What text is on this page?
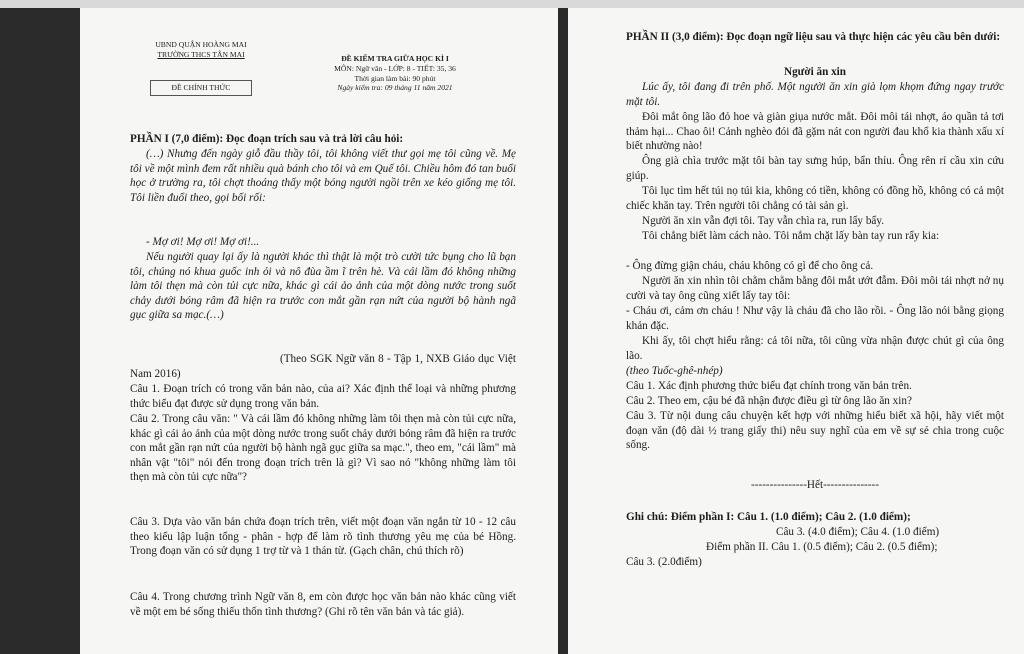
UBND QUẬN HOÀNG MAI
TRƯỜNG THCS TÂN MAI
ĐỀ CHÍNH THỨC
ĐỀ KIỂM TRA GIỮA HỌC KÌ I
MÔN: Ngữ văn - LỚP: 8 - TIẾT: 35, 36
Thời gian làm bài: 90 phút
Ngày kiểm tra: 09 tháng 11 năm 2021
PHẦN I (7,0 điểm): Đọc đoạn trích sau và trả lời câu hỏi:
(…) Nhưng đến ngày giỗ đầu thầy tôi, tôi không viết thư gọi mẹ tôi cũng về. Mẹ tôi về một mình đem rất nhiều quà bánh cho tôi và em Quế tôi. Chiều hôm đó tan buổi học ở trường ra, tôi chợt thoáng thấy một bóng người ngồi trên xe kéo giống mẹ tôi. Tôi liền đuổi theo, gọi bối rối:
- Mợ ơi! Mợ ơi! Mợ ơi!...
Nếu người quay lại ấy là người khác thì thật là một trò cười tức bụng cho lũ bạn tôi, chúng nó khua guốc inh ỏi và nô đùa ầm ĩ trên hè. Và cái lầm đó không những làm tôi thẹn mà còn tủi cực nữa, khác gì cái ảo ảnh của một dòng nước trong suốt chảy dưới bóng râm đã hiện ra trước con mắt gần rạn nứt của người bộ hành ngã gục giữa sa mạc.(…)
(Theo SGK Ngữ văn 8 - Tập 1, NXB Giáo dục Việt Nam 2016)
Câu 1. Đoạn trích có trong văn bản nào, của ai? Xác định thể loại và những phương thức biểu đạt được sử dụng trong văn bản.
Câu 2. Trong câu văn: " Và cái lầm đó không những làm tôi thẹn mà còn tủi cực nữa, khác gì cái ảo ảnh của một dòng nước trong suốt chảy dưới bóng râm đã hiện ra trước con mắt gần rạn nứt của người bộ hành ngã gục giữa sa mạc.", theo em, "cái lầm" mà nhân vật "tôi" nói đến trong đoạn trích trên là gì? Vì sao nó "không những làm tôi thẹn mà còn tủi cực nữa"?
Câu 3. Dựa vào văn bản chứa đoạn trích trên, viết một đoạn văn ngắn từ 10 - 12 câu theo kiểu lập luận tổng - phân - hợp để làm rõ tình thương yêu mẹ của bé Hồng. Trong đoạn văn có sử dụng 1 trợ từ và 1 thán từ. (Gạch chân, chú thích rõ)
Câu 4. Trong chương trình Ngữ văn 8, em còn được học văn bản nào khác cũng viết về một em bé sống thiếu thốn tình thương? (Ghi rõ tên văn bản và tác giả).
PHẦN II (3,0 điểm): Đọc đoạn ngữ liệu sau và thực hiện các yêu cầu bên dưới:
Người ăn xin
Lúc ấy, tôi đang đi trên phố. Một người ăn xin già lọm khọm đứng ngay trước mặt tôi.
Đôi mắt ông lão đỏ hoe và giàn giụa nước mắt. Đôi môi tái nhợt, áo quần tả tơi thảm hại... Chao ôi! Cảnh nghèo đói đã gặm nát con người đau khổ kia thành xấu xí biết nhường nào!
Ông già chìa trước mặt tôi bàn tay sưng húp, bẩn thỉu. Ông rên rỉ cầu xin cứu giúp.
Tôi lục tìm hết túi nọ túi kia, không có tiền, không có đồng hồ, không có cả một chiếc khăn tay. Trên người tôi chẳng có tài sản gì.
Người ăn xin vẫn đợi tôi. Tay vẫn chìa ra, run lẩy bẩy.
Tôi chẳng biết làm cách nào. Tôi nắm chặt lấy bàn tay run rẩy kia:
- Ông đừng giận cháu, cháu không có gì để cho ông cả.
Người ăn xin nhìn tôi chằm chằm bằng đôi mắt ướt đẫm. Đôi môi tái nhợt nở nụ cười và tay ông cũng xiết lấy tay tôi:
- Cháu ơi, cảm ơn cháu ! Như vậy là cháu đã cho lão rồi. - Ông lão nói bằng giọng khản đặc.
Khi ấy, tôi chợt hiểu rằng: cả tôi nữa, tôi cũng vừa nhận được chút gì của ông lão.
(theo Tuốc-ghê-nhép)
Câu 1. Xác định phương thức biểu đạt chính trong văn bản trên.
Câu 2. Theo em, cậu bé đã nhận được điều gì từ ông lão ăn xin?
Câu 3. Từ nội dung câu chuyện kết hợp với những hiểu biết xã hội, hãy viết một đoạn văn (độ dài ½ trang giấy thi) nêu suy nghĩ của em về sự sẻ chia trong cuộc sống.
---------------Hết---------------
Ghi chú: Điểm phần I: Câu 1. (1.0 điểm); Câu 2. (1.0 điểm);
Câu 3. (4.0 điểm); Câu 4. (1.0 điểm)
Điểm phần II. Câu 1. (0.5 điểm); Câu 2. (0.5 điểm);
Câu 3. (2.0điểm)
